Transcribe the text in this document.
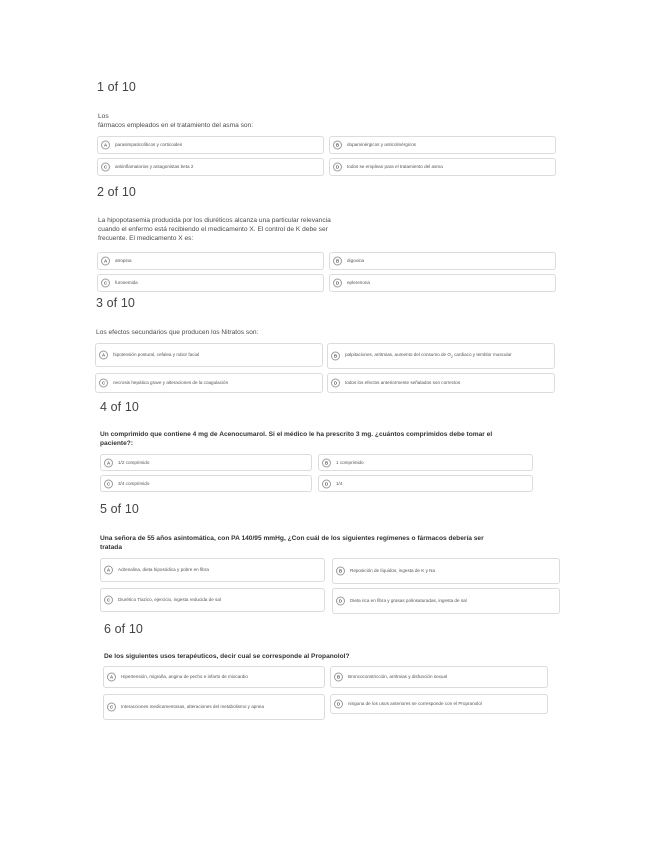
1 of 10
Los
fármacos empleados en el tratamiento del asma son:
A	parasimpaticolíticos y corticoides	B	dopaminérgicos y anticolinérgicos
C	antiinflamatorios y antagonistas beta 2	D	todos se emplean para el tratamiento del asma
2 of 10
La hipopotasemia producida por los diuréticos alcanza una particular relevancia
cuando el enfermo está recibiendo el medicamento X. El control de K debe ser
frecuente. El medicamento X es:
A	atropina	B	digoxina
C	furosemida	D	eplerenona
3 of 10
Los efectos secundarios que producen los Nitratos son:
A	hipotensión postural, cefalea y rubor facial	B	palpitaciones, arritmias, aumento del consumo de $O_2$ cardiaco y temblor muscular
C	necrosis hepática grave y alteraciones de la coagulación	D	todos los efectos anteriormente señalados son correctos
4 of 10
Un comprimido que contiene 4 mg de Acenocumarol. Si el médico le ha prescrito 3 mg. ¿cuántos comprimidos debe tomar el
paciente?:
A	1/2 comprimido	B	1 comprimido
C	3/4 comprimido	D	1/4
5 of 10
Una señora de 55 años asintomática, con PA 140/95 mmHg, ¿Con cuál de los siguientes regímenes o fármacos debería ser
tratada
A	Adrenalina, dieta hiposódica y pobre en fibra	B	Reposición de líquidos, ingesta de K y Na
C	Diurético Tiazico, ejercicio, ingesta reducida de sal	D	Dieta rica en fibra y grasas polinsaturadas, ingesta de sal
6 of 10
De los siguientes usos terapéuticos, decir cual se corresponde al Propanolol?
A	Hipertensión, migraña, angina de pecho e infarto de miocardio	B	Broncoconstricción, arritmias y disfunción sexual
C	Interacciones medicamentosas, alteraciones del metabolismo y apnea	D	ninguna de los usos anteriores se corresponde con el Propranolol
